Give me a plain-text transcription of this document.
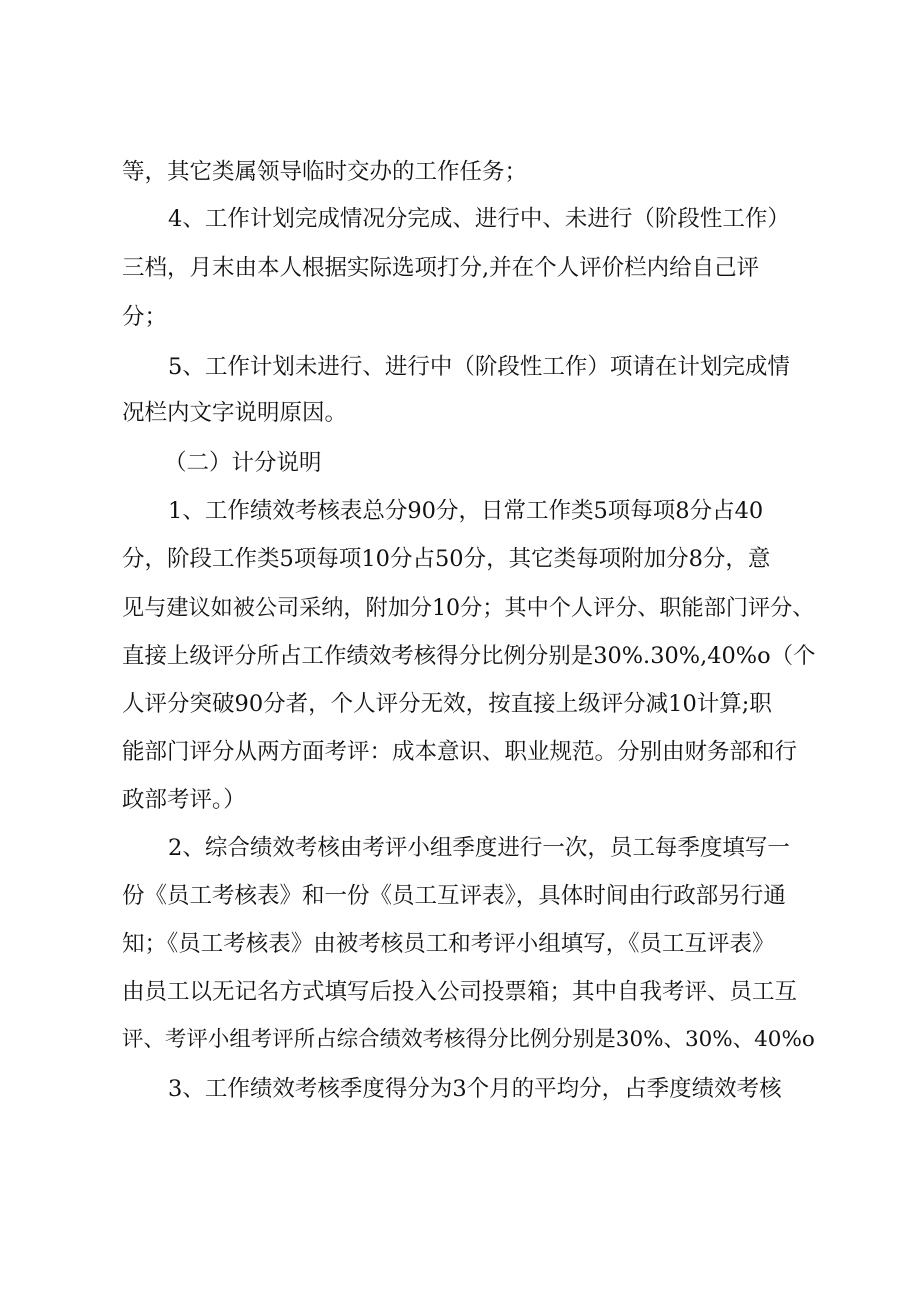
等，其它类属领导临时交办的工作任务；

4、工作计划完成情况分完成、进行中、未进行（阶段性工作）

三档，月末由本人根据实际选项打分,并在个人评价栏内给自己评

分；

5、工作计划未进行、进行中（阶段性工作）项请在计划完成情

况栏内文字说明原因。

（二）计分说明

1、工作绩效考核表总分90分，日常工作类5项每项8分占40

分，阶段工作类5项每项10分占50分，其它类每项附加分8分，意

见与建议如被公司采纳，附加分10分；其中个人评分、职能部门评分、

直接上级评分所占工作绩效考核得分比例分别是30%.30%,40%o（个

人评分突破90分者，个人评分无效，按直接上级评分减10计算;职

能部门评分从两方面考评：成本意识、职业规范。分别由财务部和行

政部考评。）

2、综合绩效考核由考评小组季度进行一次，员工每季度填写一

份《员工考核表》和一份《员工互评表》，具体时间由行政部另行通

知；《员工考核表》由被考核员工和考评小组填写，《员工互评表》

由员工以无记名方式填写后投入公司投票箱；其中自我考评、员工互

评、考评小组考评所占综合绩效考核得分比例分别是30%、30%、40%o

3、工作绩效考核季度得分为3个月的平均分，占季度绩效考核
